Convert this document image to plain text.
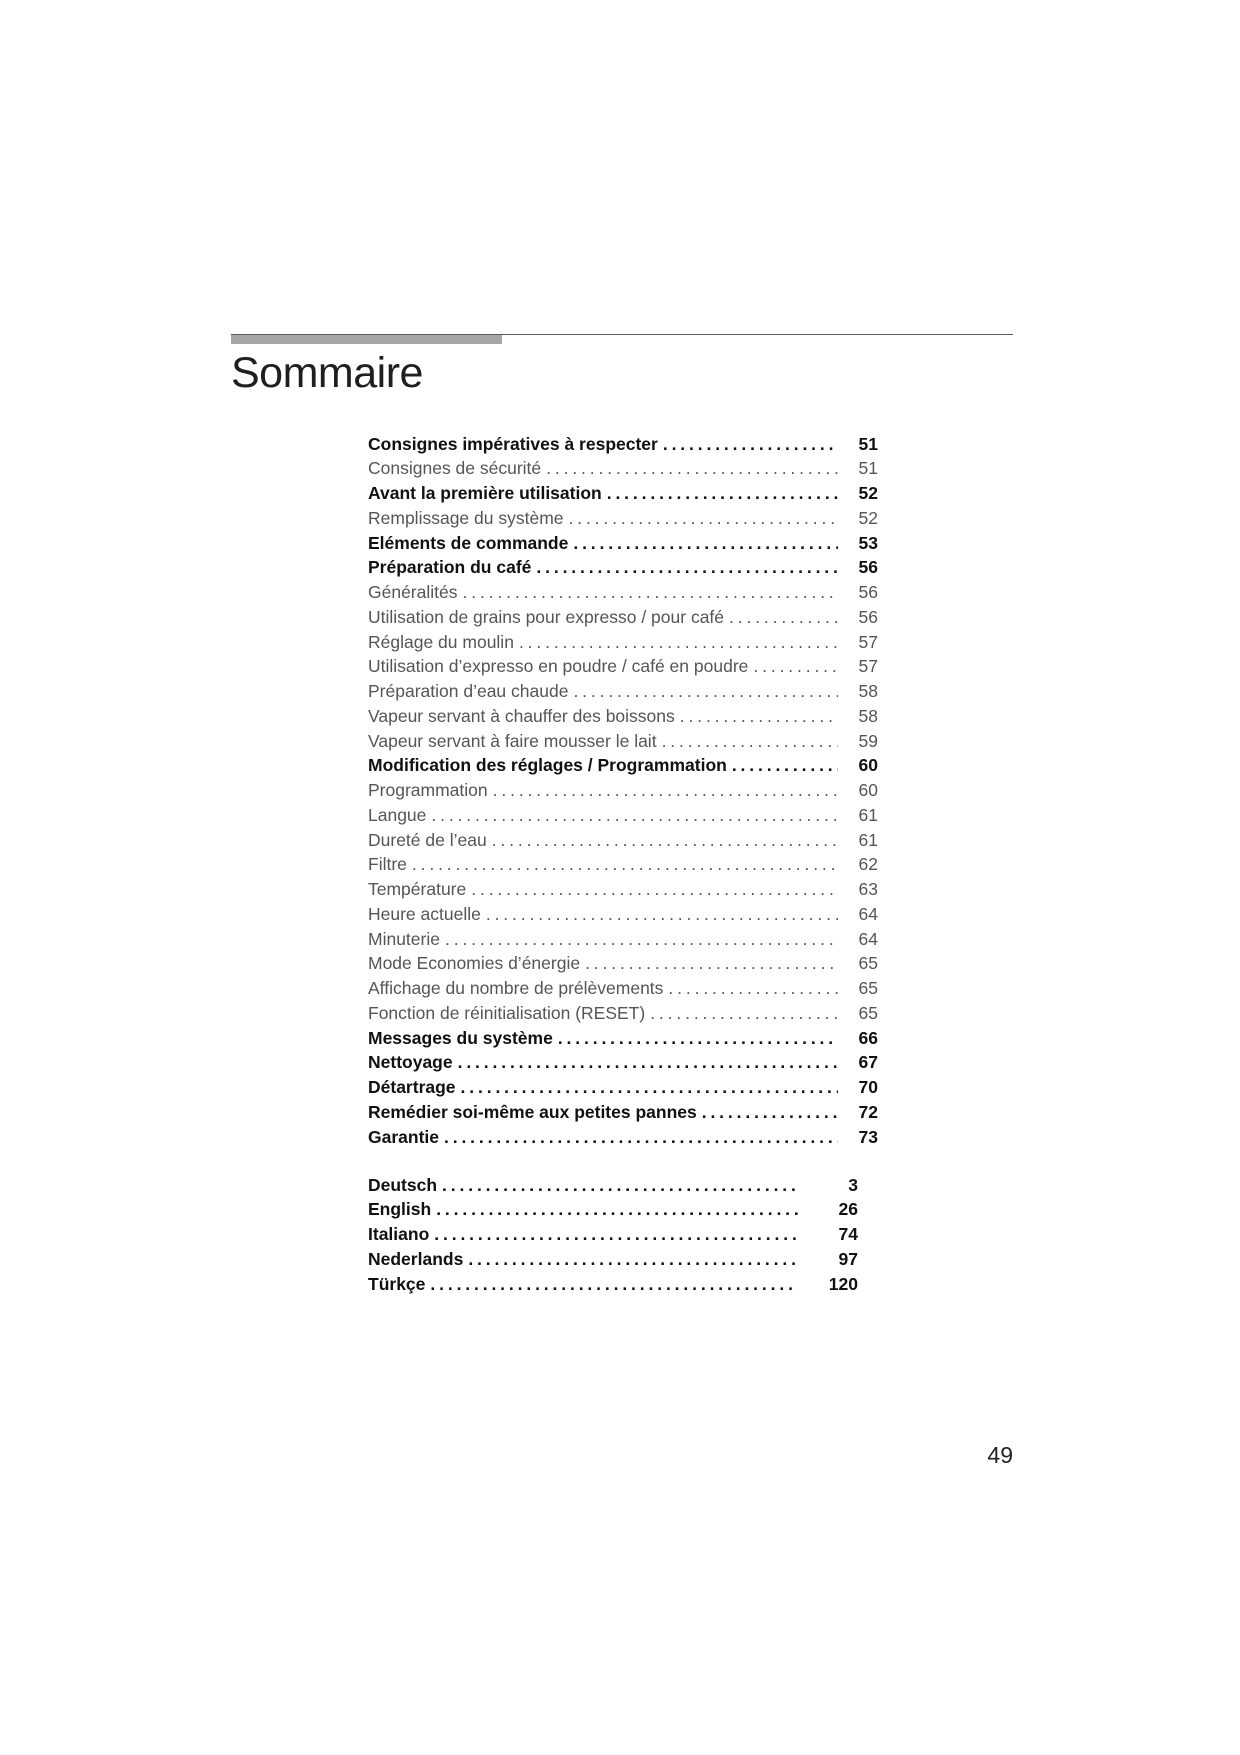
Sommaire
Consignes impératives à respecter . . .	51
Consignes de sécurité . . .	51
Avant la première utilisation . . .	52
Remplissage du système . . .	52
Eléments de commande . . .	53
Préparation du café . . .	56
Généralités . . .	56
Utilisation de grains pour expresso / pour café . . .	56
Réglage du moulin . . .	57
Utilisation d’expresso en poudre / café en poudre . . .	57
Préparation d’eau chaude . . .	58
Vapeur servant à chauffer des boissons . . .	58
Vapeur servant à faire mousser le lait . . .	59
Modification des réglages / Programmation . . .	60
Programmation . . .	60
Langue . . .	61
Dureté de l’eau . . .	61
Filtre . . .	62
Température . . .	63
Heure actuelle . . .	64
Minuterie . . .	64
Mode Economies d’énergie . . .	65
Affichage du nombre de prélèvements . . .	65
Fonction de réinitialisation (RESET) . . .	65
Messages du système . . .	66
Nettoyage . . .	67
Détartrage . . .	70
Remédier soi-même aux petites pannes . . .	72
Garantie . . .	73
Deutsch . . .	3
English . . .	26
Italiano . . .	74
Nederlands . . .	97
Türkçe . . .	120
49
